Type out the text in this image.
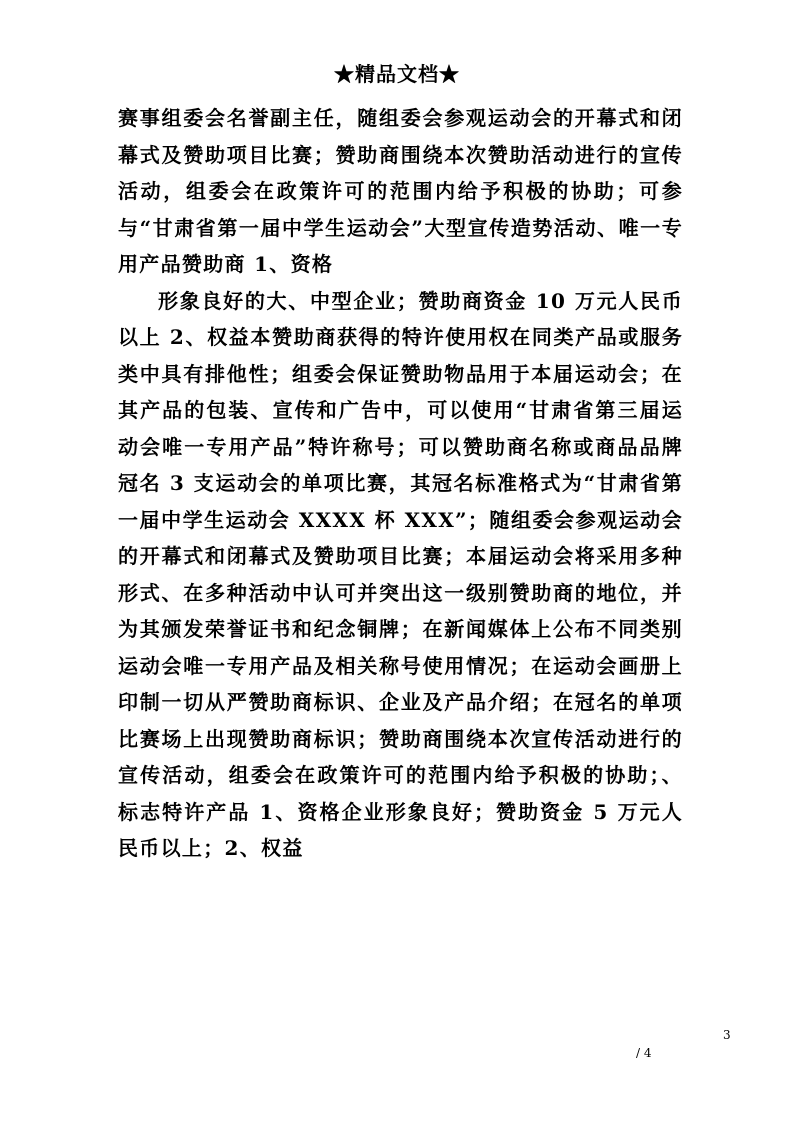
★精品文档★

赛事组委会名誉副主任，随组委会参观运动会的开幕式和闭幕式及赞助项目比赛；赞助商围绕本次赞助活动进行的宣传活动，组委会在政策许可的范围内给予积极的协助；可参与“甘肃省第一届中学生运动会”大型宣传造势活动、唯一专用产品赞助商 1、资格

形象良好的大、中型企业；赞助商资金 10 万元人民币以上 2、权益本赞助商获得的特许使用权在同类产品或服务类中具有排他性；组委会保证赞助物品用于本届运动会；在其产品的包装、宣传和广告中，可以使用“甘肃省第三届运动会唯一专用产品”特许称号；可以赞助商名称或商品品牌冠名 3 支运动会的单项比赛，其冠名标准格式为“甘肃省第一届中学生运动会 XXXX 杯 XXX”；随组委会参观运动会的开幕式和闭幕式及赞助项目比赛；本届运动会将采用多种形式、在多种活动中认可并突出这一级别赞助商的地位，并为其颁发荣誉证书和纪念铜牌；在新闻媒体上公布不同类别运动会唯一专用产品及相关称号使用情况；在运动会画册上印制一切从严赞助商标识、企业及产品介绍；在冠名的单项比赛场上出现赞助商标识；赞助商围绕本次宣传活动进行的宣传活动，组委会在政策许可的范围内给予积极的协助；、标志特许产品 1、资格企业形象良好；赞助资金 5 万元人民币以上；2、权益

3
/ 4
